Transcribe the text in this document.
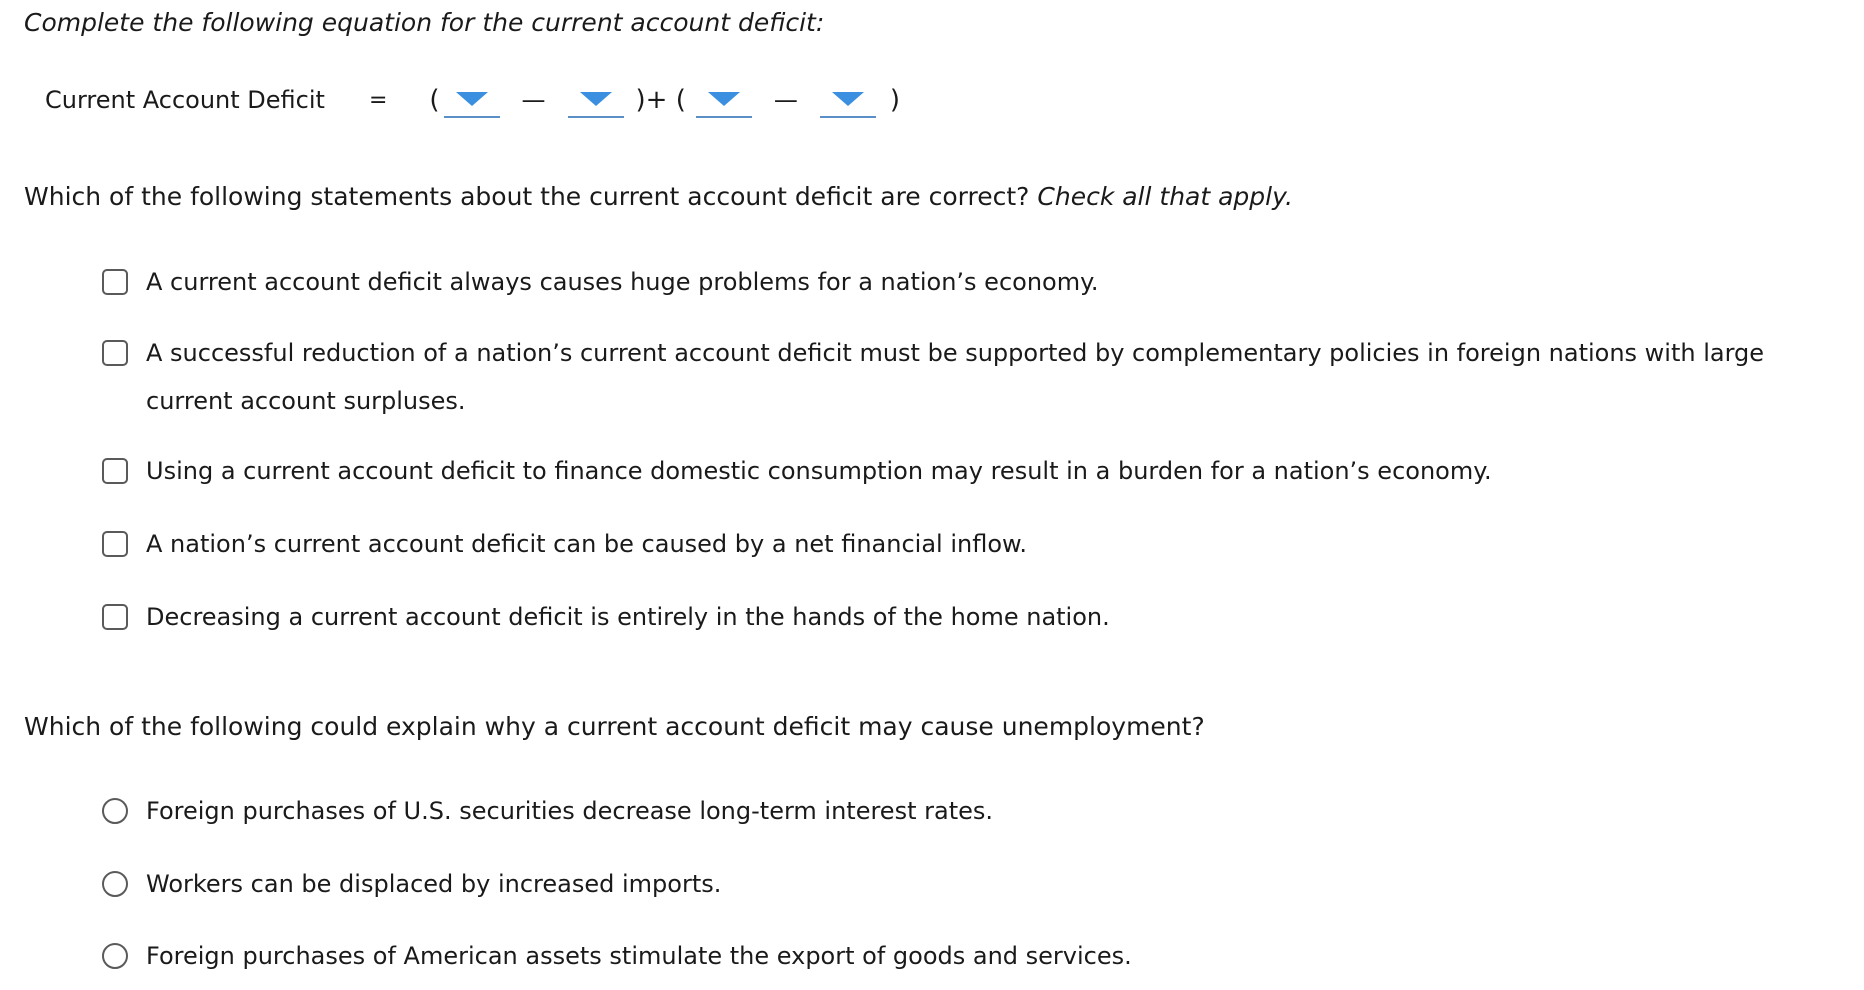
Complete the following equation for the current account deficit:

Current Account Deficit = (	—	)+ (	—	)

Which of the following statements about the current account deficit are correct? Check all that apply.

A current account deficit always causes huge problems for a nation’s economy.
A successful reduction of a nation’s current account deficit must be supported by complementary policies in foreign nations with large current account surpluses.
Using a current account deficit to finance domestic consumption may result in a burden for a nation’s economy.
A nation’s current account deficit can be caused by a net financial inflow.
Decreasing a current account deficit is entirely in the hands of the home nation.

Which of the following could explain why a current account deficit may cause unemployment?

Foreign purchases of U.S. securities decrease long-term interest rates.
Workers can be displaced by increased imports.
Foreign purchases of American assets stimulate the export of goods and services.
